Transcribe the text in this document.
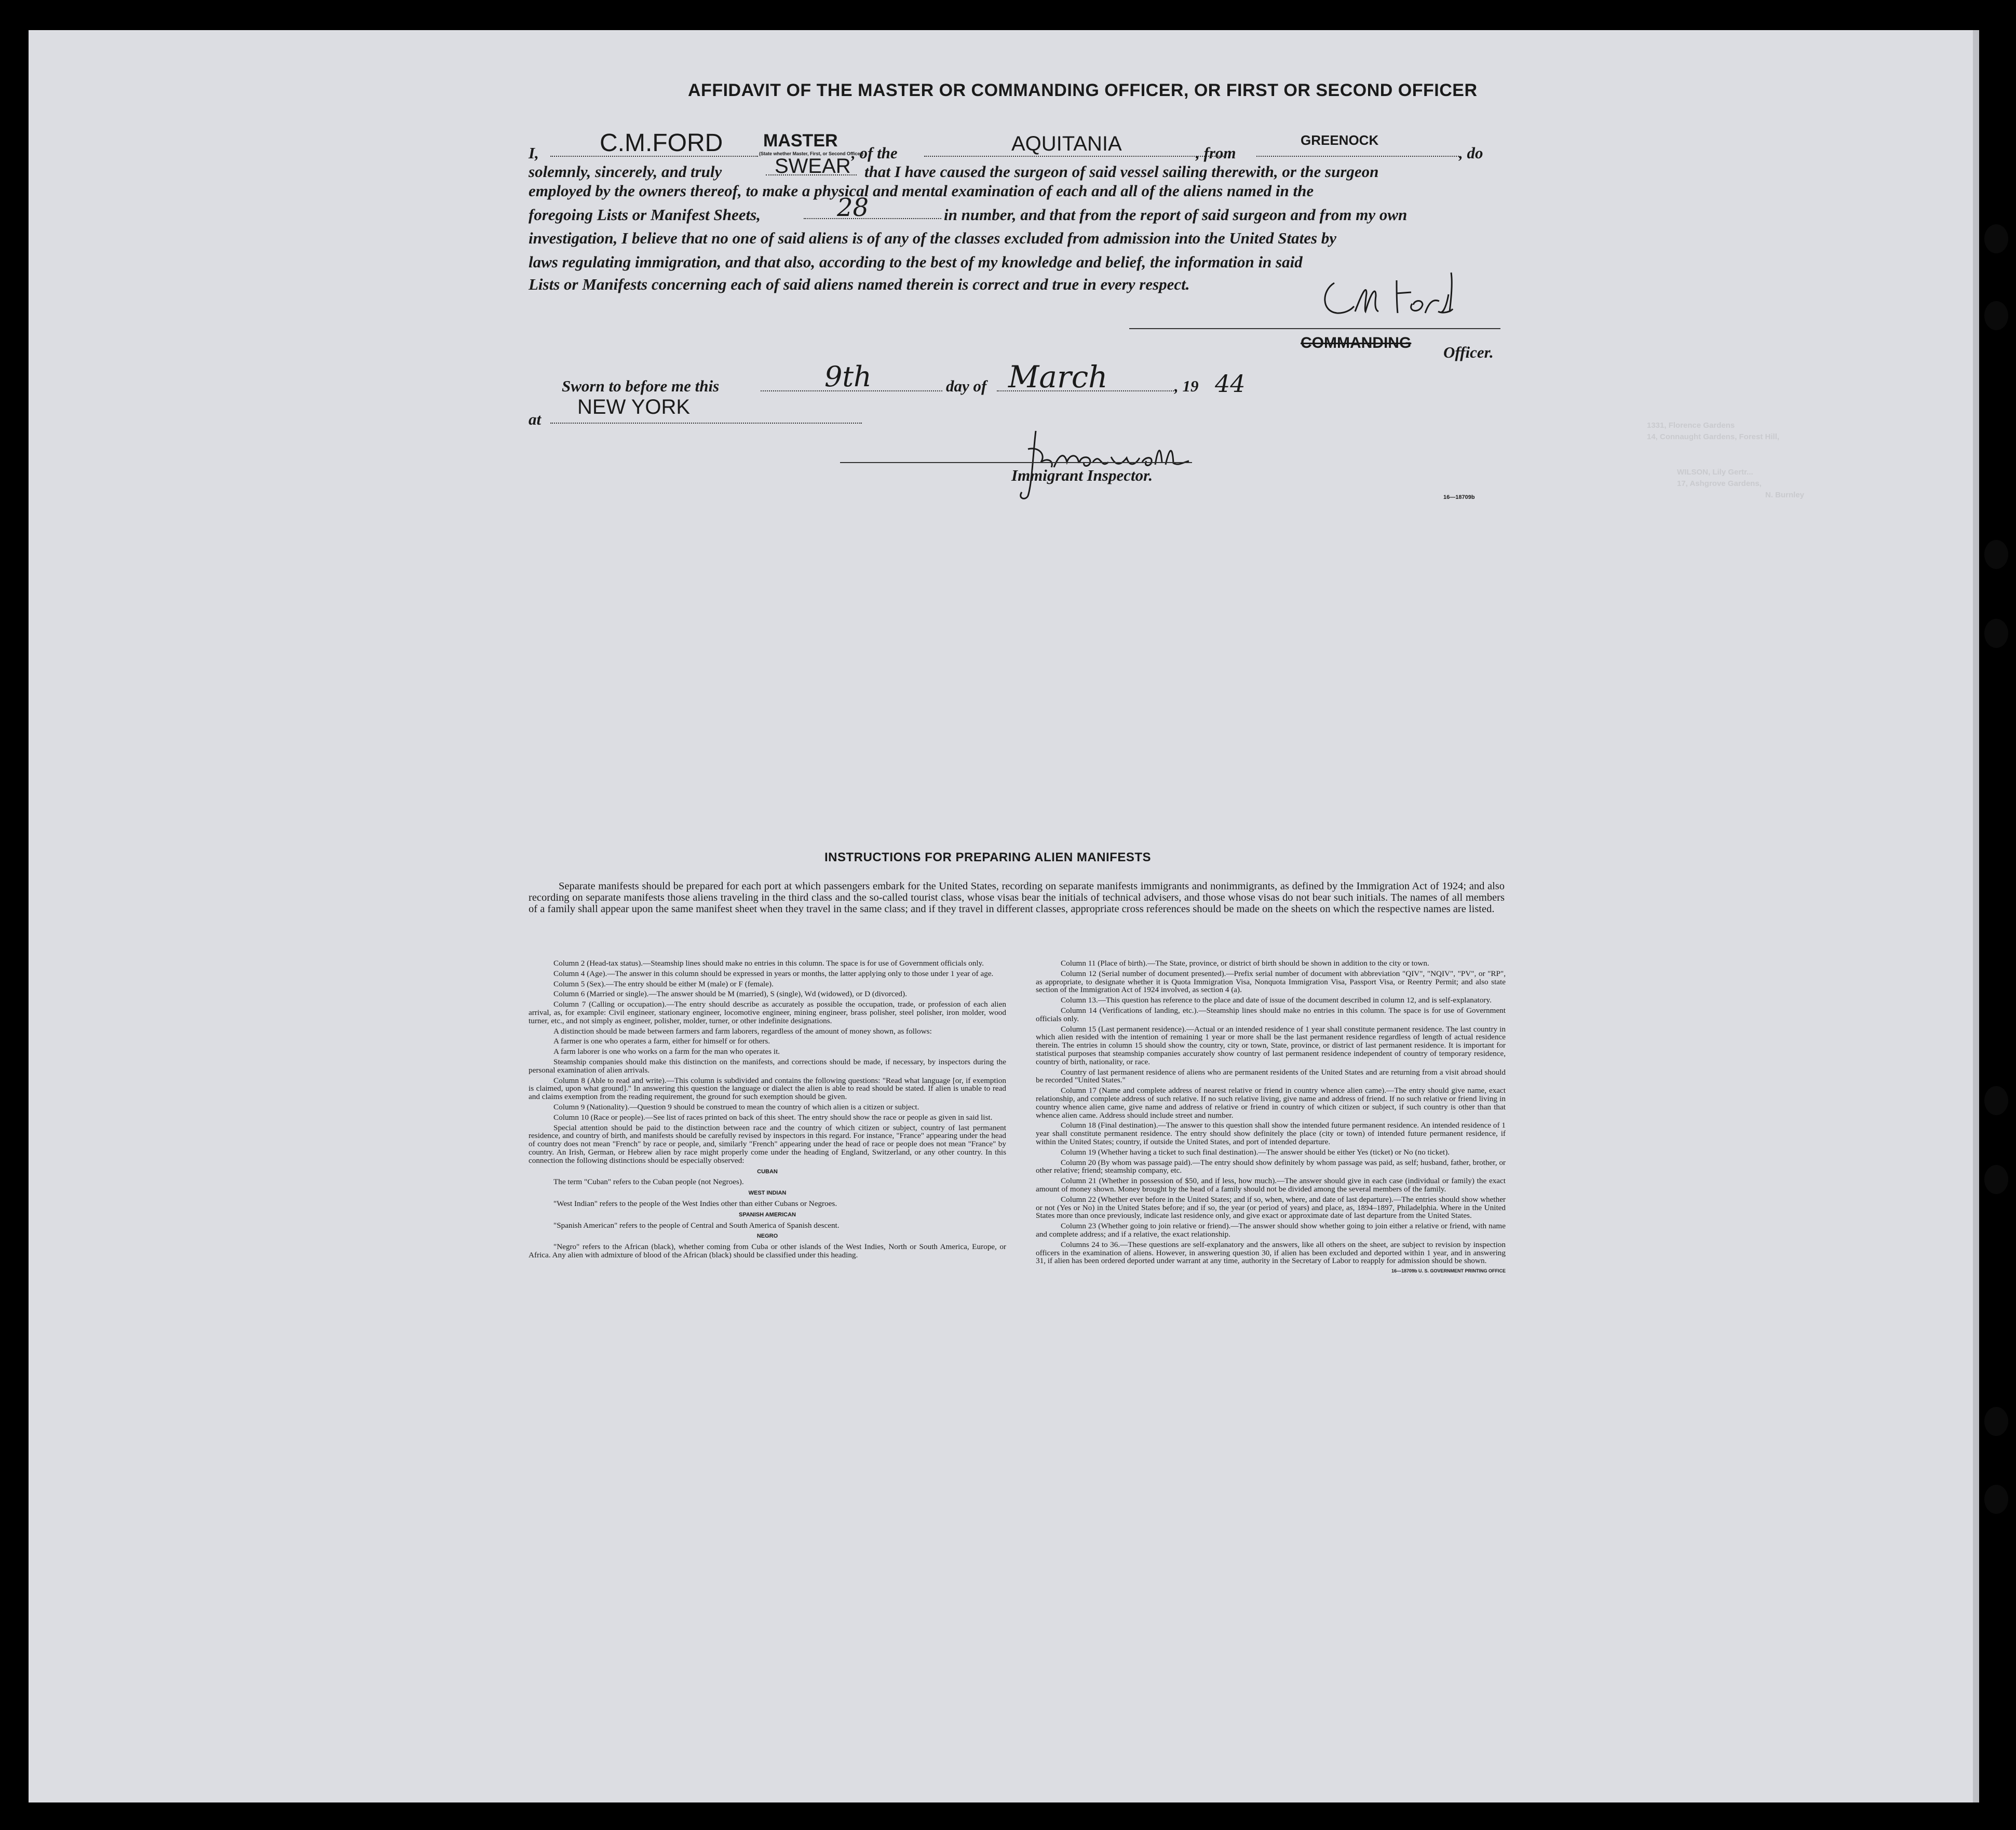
1331, Florence Gardens
14, Connaught Gardens, Forest Hill,
WILSON, Lily Gertr...
17, Ashgrove Gardens,
N. Burnley
AFFIDAVIT OF THE MASTER OR COMMANDING OFFICER, OR FIRST OR SECOND OFFICER
I, C.M.FORD MASTER
(State whether Master, First, or Second Officer)
, of the	AQUITANIA	, from
GREENOCK
, do
solemnly, sincerely, and truly	SWEAR that I have caused the surgeon of said vessel sailing therewith, or the surgeon
employed by the owners thereof, to make a physical and mental examination of each and all of the aliens named in the
foregoing Lists or Manifest Sheets,	28	in number, and that from the report of said surgeon and from my own
investigation, I believe that no one of said aliens is of any of the classes excluded from admission into the United States by
laws regulating immigration, and that also, according to the best of my knowledge and belief, the information in said
Lists or Manifests concerning each of said aliens named therein is correct and true in every respect.
COMMANDING
Officer.
Sworn to before me this	9th	day of March	, 19 44
at
NEW YORK
Immigrant Inspector.
16—18709b
INSTRUCTIONS FOR PREPARING ALIEN MANIFESTS
Separate manifests should be prepared for each port at which passengers embark for the United States, recording on separate manifests immigrants and nonimmigrants, as defined by the Immigration Act of 1924; and also recording on separate manifests those aliens traveling in the third class and the so-called tourist class, whose visas bear the initials of technical advisers, and those whose visas do not bear such initials. The names of all members of a family shall appear upon the same manifest sheet when they travel in the same class; and if they travel in different classes, appropriate cross references should be made on the sheets on which the respective names are listed.

Column 2 (Head-tax status).—Steamship lines should make no entries in this column. The space is for use of Government officials only.

Column 4 (Age).—The answer in this column should be expressed in years or months, the latter applying only to those under 1 year of age.

Column 5 (Sex).—The entry should be either M (male) or F (female).

Column 6 (Married or single).—The answer should be M (married), S (single), Wd (widowed), or D (divorced).

Column 7 (Calling or occupation).—The entry should describe as accurately as possible the occupation, trade, or profession of each alien arrival, as, for example: Civil engineer, stationary engineer, locomotive engineer, mining engineer, brass polisher, steel polisher, iron molder, wood turner, etc., and not simply as engineer, polisher, molder, turner, or other indefinite designations.

A distinction should be made between farmers and farm laborers, regardless of the amount of money shown, as follows:

A farmer is one who operates a farm, either for himself or for others.

A farm laborer is one who works on a farm for the man who operates it.

Steamship companies should make this distinction on the manifests, and corrections should be made, if necessary, by inspectors during the personal examination of alien arrivals.

Column 8 (Able to read and write).—This column is subdivided and contains the following questions: "Read what language [or, if exemption is claimed, upon what ground]." In answering this question the language or dialect the alien is able to read should be stated. If alien is unable to read and claims exemption from the reading requirement, the ground for such exemption should be given.

Column 9 (Nationality).—Question 9 should be construed to mean the country of which alien is a citizen or subject.

Column 10 (Race or people).—See list of races printed on back of this sheet. The entry should show the race or people as given in said list.

Special attention should be paid to the distinction between race and the country of which citizen or subject, country of last permanent residence, and country of birth, and manifests should be carefully revised by inspectors in this regard. For instance, "France" appearing under the head of country does not mean "French" by race or people, and, similarly "French" appearing under the head of race or people does not mean "France" by country. An Irish, German, or Hebrew alien by race might properly come under the heading of England, Switzerland, or any other country. In this connection the following distinctions should be especially observed:

CUBAN

The term "Cuban" refers to the Cuban people (not Negroes).

WEST INDIAN

"West Indian" refers to the people of the West Indies other than either Cubans or Negroes.

SPANISH AMERICAN

"Spanish American" refers to the people of Central and South America of Spanish descent.

NEGRO

"Negro" refers to the African (black), whether coming from Cuba or other islands of the West Indies, North or South America, Europe, or Africa. Any alien with admixture of blood of the African (black) should be classified under this heading.

Column 11 (Place of birth).—The State, province, or district of birth should be shown in addition to the city or town.

Column 12 (Serial number of document presented).—Prefix serial number of document with abbreviation "QIV", "NQIV", "PV", or "RP", as appropriate, to designate whether it is Quota Immigration Visa, Nonquota Immigration Visa, Passport Visa, or Reentry Permit; and also state section of the Immigration Act of 1924 involved, as section 4 (a).

Column 13.—This question has reference to the place and date of issue of the document described in column 12, and is self-explanatory.

Column 14 (Verifications of landing, etc.).—Steamship lines should make no entries in this column. The space is for use of Government officials only.

Column 15 (Last permanent residence).—Actual or an intended residence of 1 year shall constitute permanent residence. The last country in which alien resided with the intention of remaining 1 year or more shall be the last permanent residence regardless of length of actual residence therein. The entries in column 15 should show the country, city or town, State, province, or district of last permanent residence. It is important for statistical purposes that steamship companies accurately show country of last permanent residence independent of country of temporary residence, country of birth, nationality, or race.

Country of last permanent residence of aliens who are permanent residents of the United States and are returning from a visit abroad should be recorded "United States."

Column 17 (Name and complete address of nearest relative or friend in country whence alien came).—The entry should give name, exact relationship, and complete address of such relative. If no such relative living, give name and address of friend. If no such relative or friend living in country whence alien came, give name and address of relative or friend in country of which citizen or subject, if such country is other than that whence alien came. Address should include street and number.

Column 18 (Final destination).—The answer to this question shall show the intended future permanent residence. An intended residence of 1 year shall constitute permanent residence. The entry should show definitely the place (city or town) of intended future permanent residence, if within the United States; country, if outside the United States, and port of intended departure.

Column 19 (Whether having a ticket to such final destination).—The answer should be either Yes (ticket) or No (no ticket).

Column 20 (By whom was passage paid).—The entry should show definitely by whom passage was paid, as self; husband, father, brother, or other relative; friend; steamship company, etc.

Column 21 (Whether in possession of $50, and if less, how much).—The answer should give in each case (individual or family) the exact amount of money shown. Money brought by the head of a family should not be divided among the several members of the family.

Column 22 (Whether ever before in the United States; and if so, when, where, and date of last departure).—The entries should show whether or not (Yes or No) in the United States before; and if so, the year (or period of years) and place, as, 1894–1897, Philadelphia. Where in the United States more than once previously, indicate last residence only, and give exact or approximate date of last departure from the United States.

Column 23 (Whether going to join relative or friend).—The answer should show whether going to join either a relative or friend, with name and complete address; and if a relative, the exact relationship.

Columns 24 to 36.—These questions are self-explanatory and the answers, like all others on the sheet, are subject to revision by inspection officers in the examination of aliens. However, in answering question 30, if alien has been excluded and deported within 1 year, and in answering 31, if alien has been ordered deported under warrant at any time, authority in the Secretary of Labor to reapply for admission should be shown.

16—18709b U. S. GOVERNMENT PRINTING OFFICE
